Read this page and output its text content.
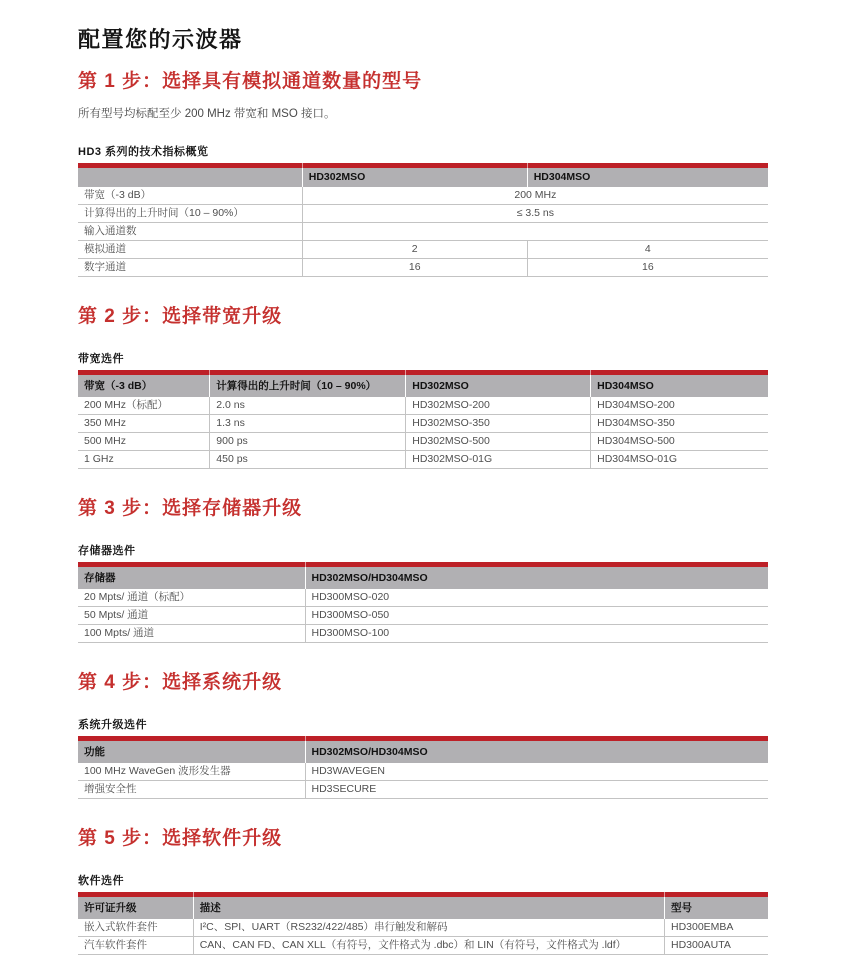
配置您的示波器
第 1 步：选择具有模拟通道数量的型号

所有型号均标配至少 200 MHz 带宽和 MSO 接口。

HD3 系列的技术指标概览

	HD302MSO	HD304MSO
带宽（-3 dB）	200 MHz	
计算得出的上升时间（10 – 90%）	≤ 3.5 ns	
输入通道数		
模拟通道	2	4
数字通道	16	16
第 2 步：选择带宽升级
带宽选件

带宽（-3 dB）	计算得出的上升时间（10 – 90%）	HD302MSO	HD304MSO
200 MHz（标配）	2.0 ns	HD302MSO-200	HD304MSO-200
350 MHz	1.3 ns	HD302MSO-350	HD304MSO-350
500 MHz	900 ps	HD302MSO-500	HD304MSO-500
1 GHz	450 ps	HD302MSO-01G	HD304MSO-01G
第 3 步：选择存储器升级
存储器选件

存储器	HD302MSO/HD304MSO
20 Mpts/ 通道（标配）	HD300MSO-020
50 Mpts/ 通道	HD300MSO-050
100 Mpts/ 通道	HD300MSO-100
第 4 步：选择系统升级
系统升级选件

功能	HD302MSO/HD304MSO
100 MHz WaveGen 波形发生器	HD3WAVEGEN
增强安全性	HD3SECURE
第 5 步：选择软件升级
软件选件

许可证升级	描述	型号
嵌入式软件套件	I²C、SPI、UART（RS232/422/485）串行触发和解码	HD300EMBA
汽车软件套件	CAN、CAN FD、CAN XLL（有符号，文件格式为 .dbc）和 LIN（有符号，文件格式为 .ldf）	HD300AUTA
